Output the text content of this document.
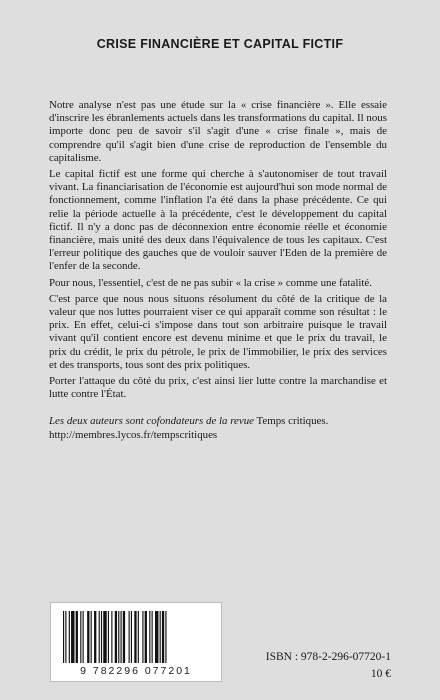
CRISE FINANCIÈRE ET CAPITAL FICTIF

Notre analyse n'est pas une étude sur la « crise financière ». Elle essaie d'inscrire les ébranlements actuels dans les transformations du capital. Il nous importe donc peu de savoir s'il s'agit d'une « crise finale », mais de comprendre qu'il s'agit bien d'une crise de reproduction de l'ensemble du capitalisme.

Le capital fictif est une forme qui cherche à s'autonomiser de tout travail vivant. La financiarisation de l'économie est aujourd'hui son mode normal de fonctionnement, comme l'inflation l'a été dans la phase précédente. Ce qui relie la période actuelle à la précédente, c'est le développement du capital fictif. Il n'y a donc pas de déconnexion entre économie réelle et économie financière, mais unité des deux dans l'équivalence de tous les capitaux. C'est l'erreur politique des gauches que de vouloir sauver l'Eden de la première de l'enfer de la seconde.

Pour nous, l'essentiel, c'est de ne pas subir « la crise » comme une fatalité.

C'est parce que nous nous situons résolument du côté de la critique de la valeur que nos luttes pourraient viser ce qui apparaît comme son résultat : le prix. En effet, celui-ci s'impose dans tout son arbitraire puisque le travail vivant qu'il contient encore est devenu minime et que le prix du travail, le prix du crédit, le prix du pétrole, le prix de l'immobilier, le prix des services et des transports, tous sont des prix politiques.

Porter l'attaque du côté du prix, c'est ainsi lier lutte contre la marchandise et lutte contre l'État.

Les deux auteurs sont cofondateurs de la revue Temps critiques.

http://membres.lycos.fr/tempscritiques

9 782296 077201
ISBN : 978-2-296-07720-1
10 €
